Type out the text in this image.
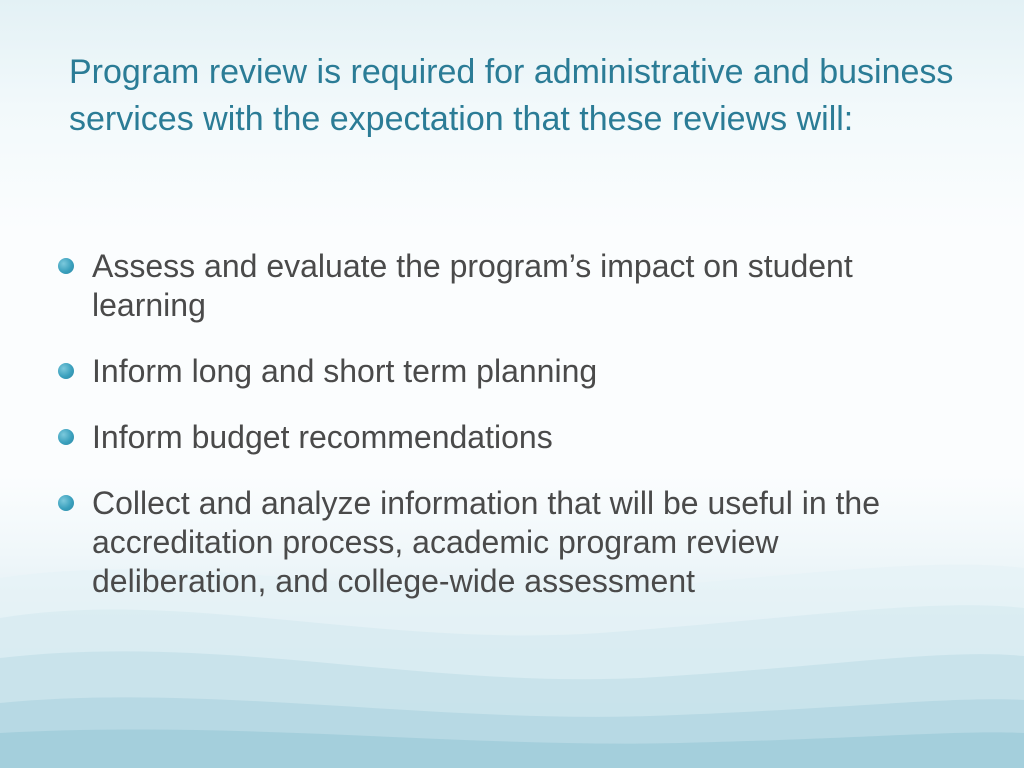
Program review is required for administrative and business services with the expectation that these reviews will:
Assess and evaluate the program’s impact on student learning
Inform long and short term planning
Inform budget recommendations
Collect and analyze information that will be useful in the accreditation process, academic program review deliberation, and college-wide assessment
